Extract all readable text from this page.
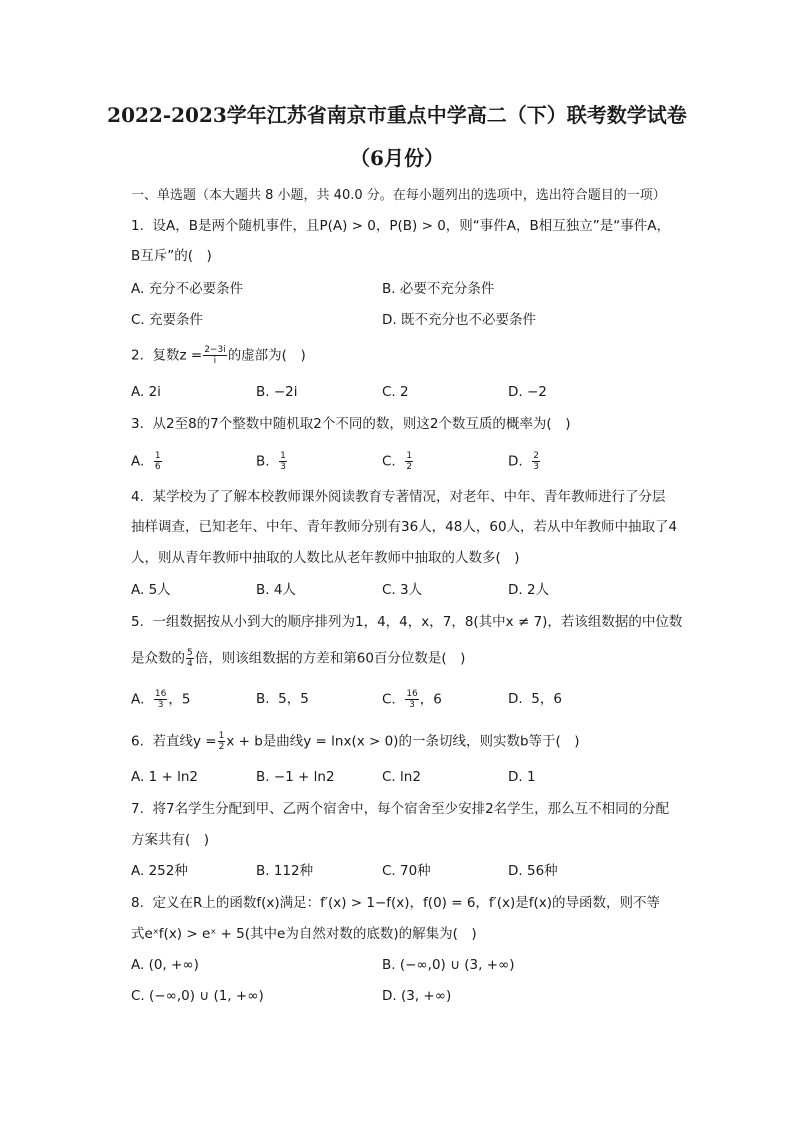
2022-2023学年江苏省南京市重点中学高二（下）联考数学试卷
（6月份）
一、单选题（本大题共 8 小题，共 40.0 分。在每小题列出的选项中，选出符合题目的一项）
1. 设A，B是两个随机事件，且P(A) > 0，P(B) > 0，则“事件A，B相互独立”是“事件A，
B互斥”的(　)
A. 充分不必要条件	B. 必要不充分条件
C. 充要条件	D. 既不充分也不必要条件
2. 复数$z = \frac{2-3i}{i}$ 的虚部为(　)
A. 2i	B. −2i	C. 2	D. −2
3. 从2至8的7个整数中随机取2个不同的数，则这2个数互质的概率为(　)
A. $\frac{1}{6}$	B. $\frac{1}{3}$	C. $\frac{1}{2}$	D. $\frac{2}{3}$
4. 某学校为了了解本校教师课外阅读教育专著情况，对老年、中年、青年教师进行了分层
抽样调查，已知老年、中年、青年教师分别有36人，48人，60人，若从中年教师中抽取了4
人，则从青年教师中抽取的人数比从老年教师中抽取的人数多(　)
A. 5人	B. 4人	C. 3人	D. 2人
5. 一组数据按从小到大的顺序排列为1，4，4，x，7，8(其中x ≠ 7)，若该组数据的中位数
是众数的 $\frac{5}{4}$ 倍，则该组数据的方差和第60百分位数是(　)
A. $\frac{16}{3}$ ，5	B. 5，5	C. $\frac{16}{3}$ ，6	D. 5，6
6. 若直线$y = \frac{1}{2}$ x + b是曲线y = lnx(x > 0)的一条切线，则实数b等于(　)
A. 1 + ln2	B. −1 + ln2	C. ln2	D. 1
7. 将7名学生分配到甲、乙两个宿舍中，每个宿舍至少安排2名学生，那么互不相同的分配
方案共有(　)
A. 252种	B. 112种	C. 70种	D. 56种
8. 定义在R上的函数f(x)满足：f′(x) > 1−f(x)，f(0) = 6，f′(x)是f(x)的导函数，则不等
式eˣf(x) > eˣ + 5(其中e为自然对数的底数)的解集为(　)
A. (0, +∞)	B. (−∞,0) ∪ (3, +∞)
C. (−∞,0) ∪ (1, +∞)	D. (3, +∞)
